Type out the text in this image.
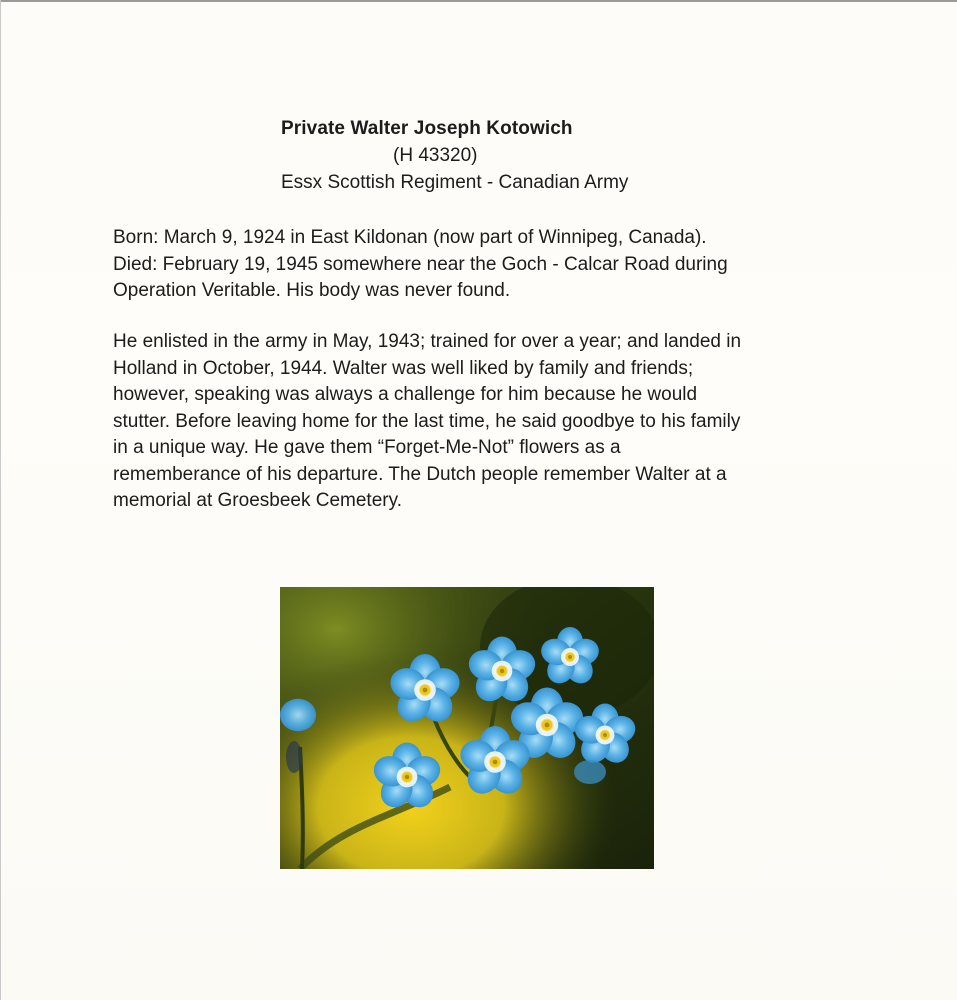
Private Walter Joseph Kotowich
(H 43320)
Essx Scottish Regiment - Canadian Army
Born: March 9, 1924 in East Kildonan (now part of Winnipeg, Canada).
Died: February 19, 1945 somewhere near the Goch - Calcar Road during
Operation Veritable. His body was never found.
He enlisted in the army in May, 1943; trained for over a year; and landed in
Holland in October, 1944. Walter was well liked by family and friends;
however, speaking was always a challenge for him because he would
stutter. Before leaving home for the last time, he said goodbye to his family
in a unique way. He gave them “Forget-Me-Not” flowers as a
rememberance of his departure. The Dutch people remember Walter at a
memorial at Groesbeek Cemetery.
